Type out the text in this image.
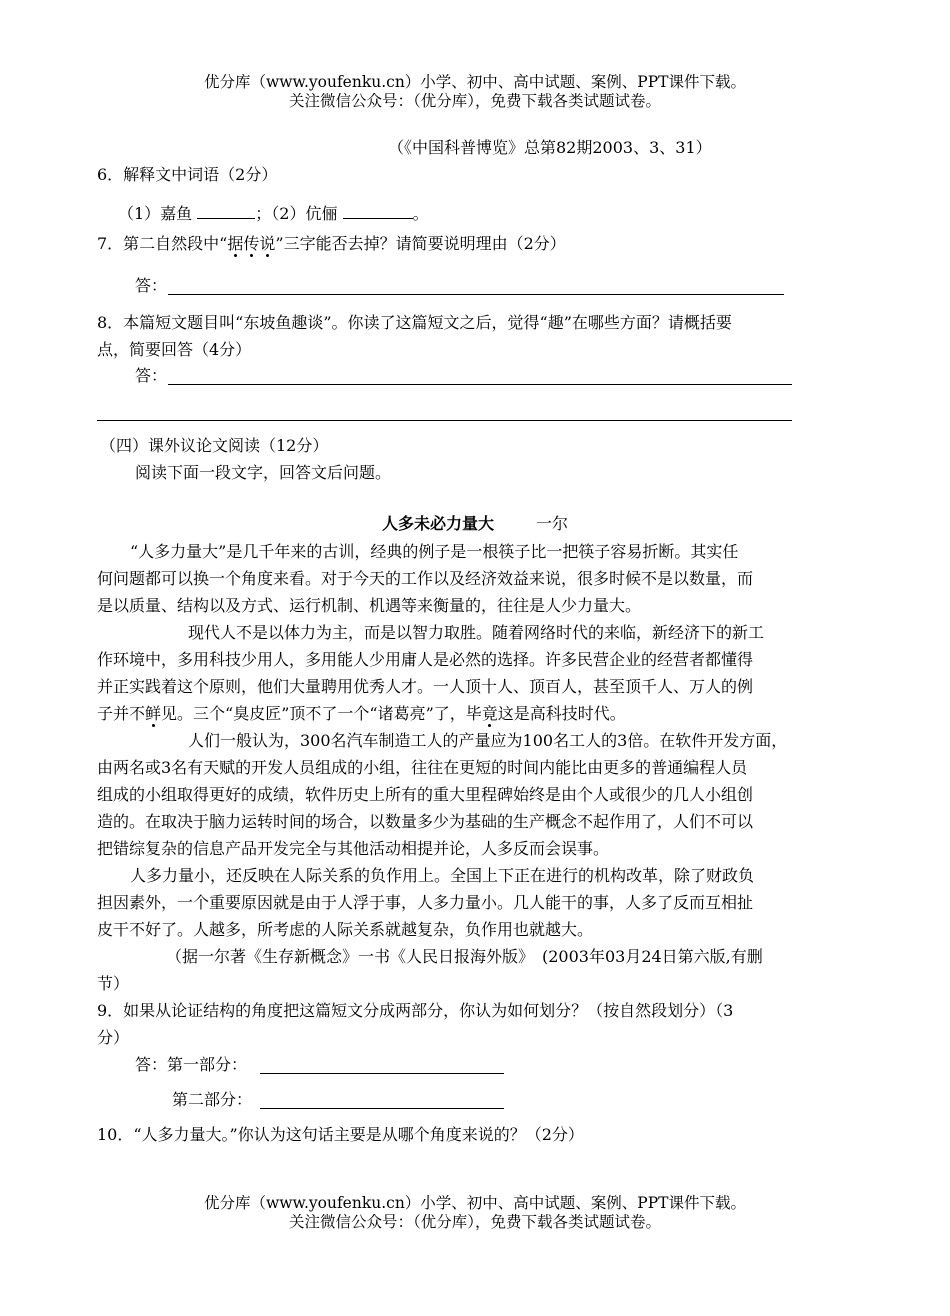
优分库（www.youfenku.cn）小学、初中、高中试题、案例、PPT课件下载。
关注微信公众号：（优分库），免费下载各类试题试卷。
（《中国科普博览》总第82期2003、3、31）
6．解释文中词语（2分）
（1）嘉鱼	；（2）伉俪	。
7．第二自然段中“据传说”三字能否去掉？请简要说明理由（2分）
答：
8．本篇短文题目叫“东坡鱼趣谈”。你读了这篇短文之后，觉得“趣”在哪些方面？请概括要
点，简要回答（4分）
答：
（四）课外议论文阅读（12分）
阅读下面一段文字，回答文后问题。
人多未必力量大	一尔
“人多力量大”是几千年来的古训，经典的例子是一根筷子比一把筷子容易折断。其实任
何问题都可以换一个角度来看。对于今天的工作以及经济效益来说，很多时候不是以数量，而
是以质量、结构以及方式、运行机制、机遇等来衡量的，往往是人少力量大。
现代人不是以体力为主，而是以智力取胜。随着网络时代的来临，新经济下的新工
作环境中，多用科技少用人，多用能人少用庸人是必然的选择。许多民营企业的经营者都懂得
并正实践着这个原则，他们大量聘用优秀人才。一人顶十人、顶百人，甚至顶千人、万人的例
子并不鲜见。三个“臭皮匠”顶不了一个“诸葛亮”了，毕竟这是高科技时代。
人们一般认为，300名汽车制造工人的产量应为100名工人的3倍。在软件开发方面，
由两名或3名有天赋的开发人员组成的小组，往往在更短的时间内能比由更多的普通编程人员
组成的小组取得更好的成绩，软件历史上所有的重大里程碑始终是由个人或很少的几人小组创
造的。在取决于脑力运转时间的场合，以数量多少为基础的生产概念不起作用了，人们不可以
把错综复杂的信息产品开发完全与其他活动相提并论，人多反而会误事。
人多力量小，还反映在人际关系的负作用上。全国上下正在进行的机构改革，除了财政负
担因素外，一个重要原因就是由于人浮于事，人多力量小。几人能干的事，人多了反而互相扯
皮干不好了。人越多，所考虑的人际关系就越复杂，负作用也就越大。
（据一尔著《生存新概念》一书《人民日报海外版》　(2003年03月24日第六版,有删
节）
9．如果从论证结构的角度把这篇短文分成两部分，你认为如何划分？（按自然段划分）（3
分）
答：第一部分：
第二部分：
10．“人多力量大。”你认为这句话主要是从哪个角度来说的？（2分）
优分库（www.youfenku.cn）小学、初中、高中试题、案例、PPT课件下载。
关注微信公众号：（优分库），免费下载各类试题试卷。
